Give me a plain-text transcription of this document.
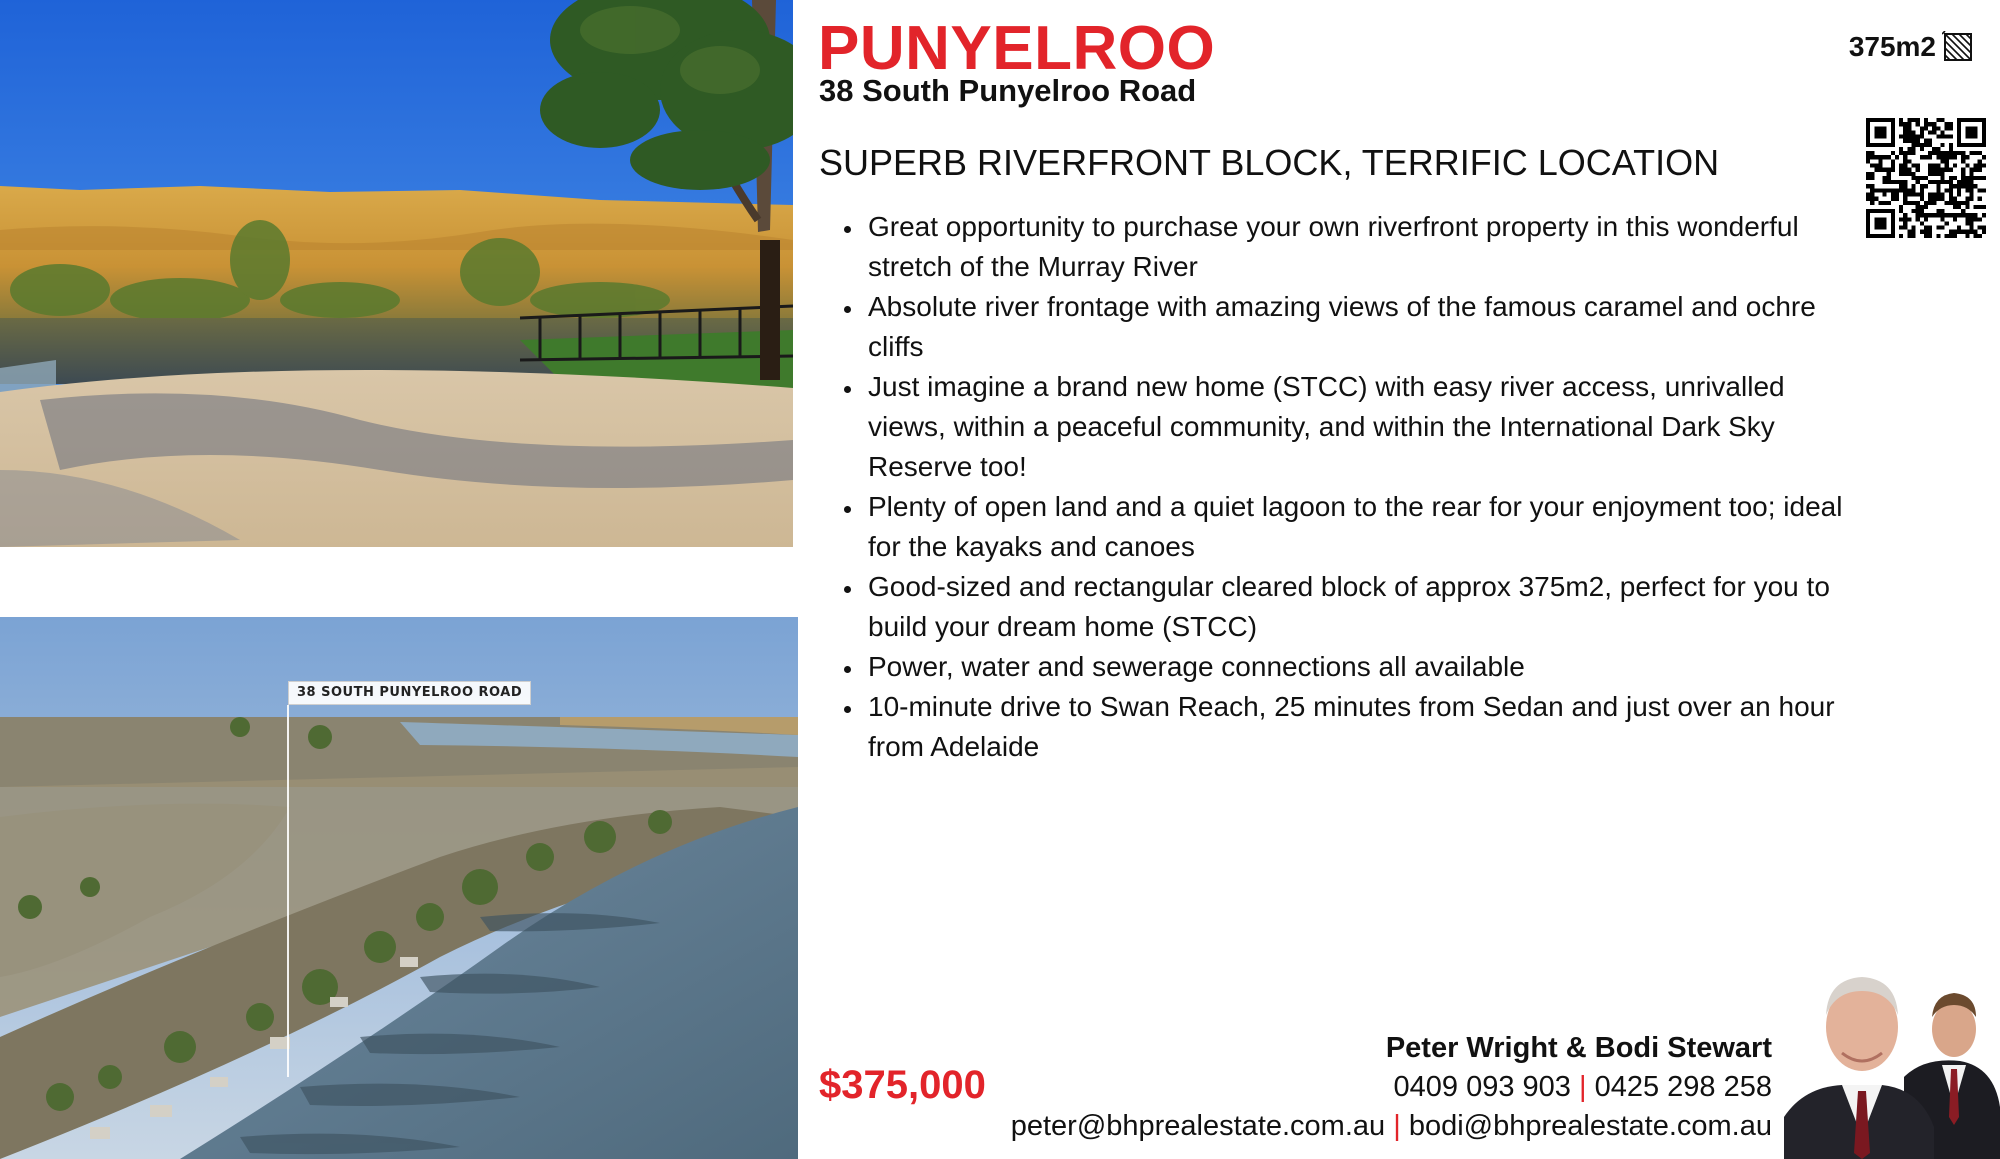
38 SOUTH PUNYELROO ROAD
PUNYELROO
38 South Punyelroo Road
375m2
SUPERB RIVERFRONT BLOCK, TERRIFIC LOCATION
Great opportunity to purchase your own riverfront property in this wonderful stretch of the Murray River
Absolute river frontage with amazing views of the famous caramel and ochre cliffs
Just imagine a brand new home (STCC) with easy river access, unrivalled views, within a peaceful community, and within the International Dark Sky Reserve too!
Plenty of open land and a quiet lagoon to the rear for your enjoyment too; ideal for the kayaks and canoes
Good-sized and rectangular cleared block of approx 375m2, perfect for you to build your dream home (STCC)
Power, water and sewerage connections all available
10-minute drive to Swan Reach, 25 minutes from Sedan and just over an hour from Adelaide
$375,000
Peter Wright & Bodi Stewart
0409 093 903 | 0425 298 258
peter@bhprealestate.com.au | bodi@bhprealestate.com.au
